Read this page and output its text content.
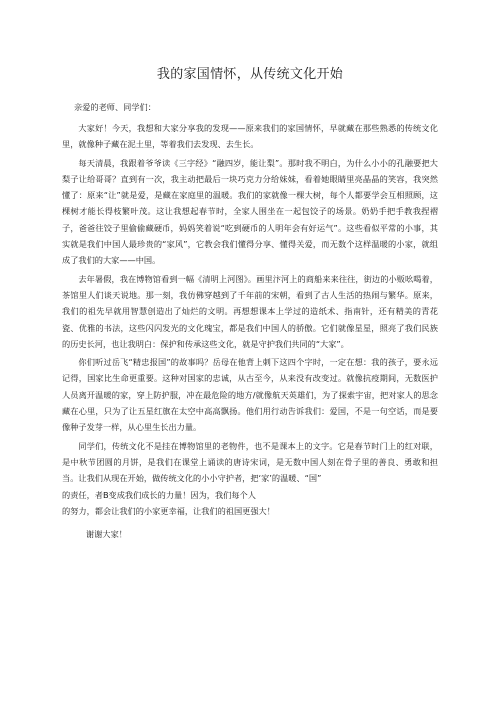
我的家国情怀，从传统文化开始

亲爱的老师、同学们：

大家好！今天，我想和大家分享我的发现——原来我们的家国情怀，早就藏在那些熟悉的传统文化里，就像种子藏在泥土里，等着我们去发现、去生长。

每天清晨，我跟着爷爷读《三字经》“融四岁，能让梨”。那时我不明白，为什么小小的孔融要把大梨子让给哥哥？直到有一次，我主动把最后一块巧克力分给妹妹，看着她眼睛里亮晶晶的笑容，我突然懂了：原来“让”就是爱，是藏在家庭里的温暖。我们的家就像一棵大树，每个人都要学会互相照顾，这棵树才能长得枝繁叶茂。这让我想起春节时，全家人围坐在一起包饺子的场景。奶奶手把手教我捏褶子，爸爸往饺子里偷偷藏硬币，妈妈笑着说“吃到硬币的人明年会有好运气”。这些看似平常的小事，其实就是我们中国人最珍贵的“家风”，它教会我们懂得分享、懂得关爱，而无数个这样温暖的小家，就组成了我们的大家——中国。

去年暑假，我在博物馆看到一幅《清明上河图》。画里汴河上的商船来来往往，街边的小贩吆喝着，茶馆里人们谈天说地。那一刻，我仿佛穿越到了千年前的宋朝，看到了古人生活的热闹与繁华。原来，我们的祖先早就用智慧创造出了灿烂的文明。再想想课本上学过的造纸术、指南针，还有精美的青花瓷、优雅的书法，这些闪闪发光的文化瑰宝，都是我们中国人的骄傲。它们就像星星，照亮了我们民族的历史长河，也让我明白：保护和传承这些文化，就是守护我们共同的“大家”。

你们听过岳飞“精忠报国”的故事吗？岳母在他背上刺下这四个字时，一定在想：我的孩子，要永远记得，国家比生命更重要。这种对国家的忠诚，从古至今，从来没有改变过。就像抗疫期间，无数医护人员离开温暖的家，穿上防护服，冲在最危险的地方/就像航天英雄们，为了探索宇宙，把对家人的思念藏在心里，只为了让五星红旗在太空中高高飘扬。他们用行动告诉我们：爱国，不是一句空话，而是要像种子发芽一样，从心里生长出力量。

同学们，传统文化不是挂在博物馆里的老物件，也不是课本上的文字。它是春节时门上的红对联，是中秋节团圆的月饼，是我们在课堂上诵读的唐诗宋词，是无数中国人刻在骨子里的善良、勇敢和担当。让我们从现在开始，做传统文化的小小守护者，把‘家’的温暖、“国”

的责任，者B变成我们成长的力量！因为，我们每个人

的努力，都会让我们的小家更幸福，让我们的祖国更强大！

谢谢大家！
